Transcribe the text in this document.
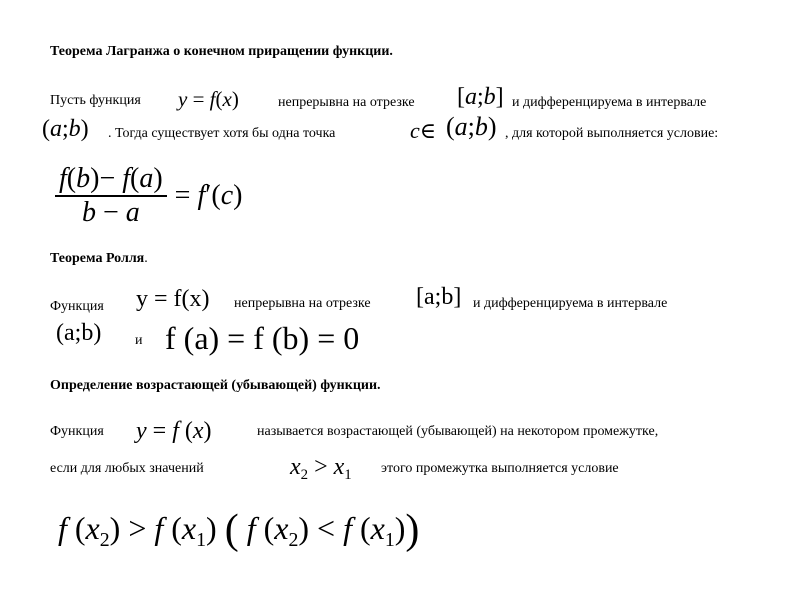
Теорема Лагранжа о конечном приращении функции.
Пусть функция y = f(x)	непрерывна на отрезке [a;b] и дифференцируема в интервале
(a;b) . Тогда существует хотя бы одна точка	c∈ (a;b) , для которой выполняется условие:
$\frac{f(b)- f(a)}{b - a} = f'(c)$
Теорема Ролля.
Функция y = f(x) непрерывна на отрезке [a;b] и дифференцируема в интервале
(a;b) и f (a) = f (b) = 0
Определение возрастающей (убывающей) функции.
Функция y = f (x)	называется возрастающей (убывающей) на некотором промежутке,
если для любых значений	$x_2 > x_1$ этого промежутка выполняется условие
f $(x_2) > f$ $(x_1)$ ( f $(x_2) < f$ $(x_1)$)
